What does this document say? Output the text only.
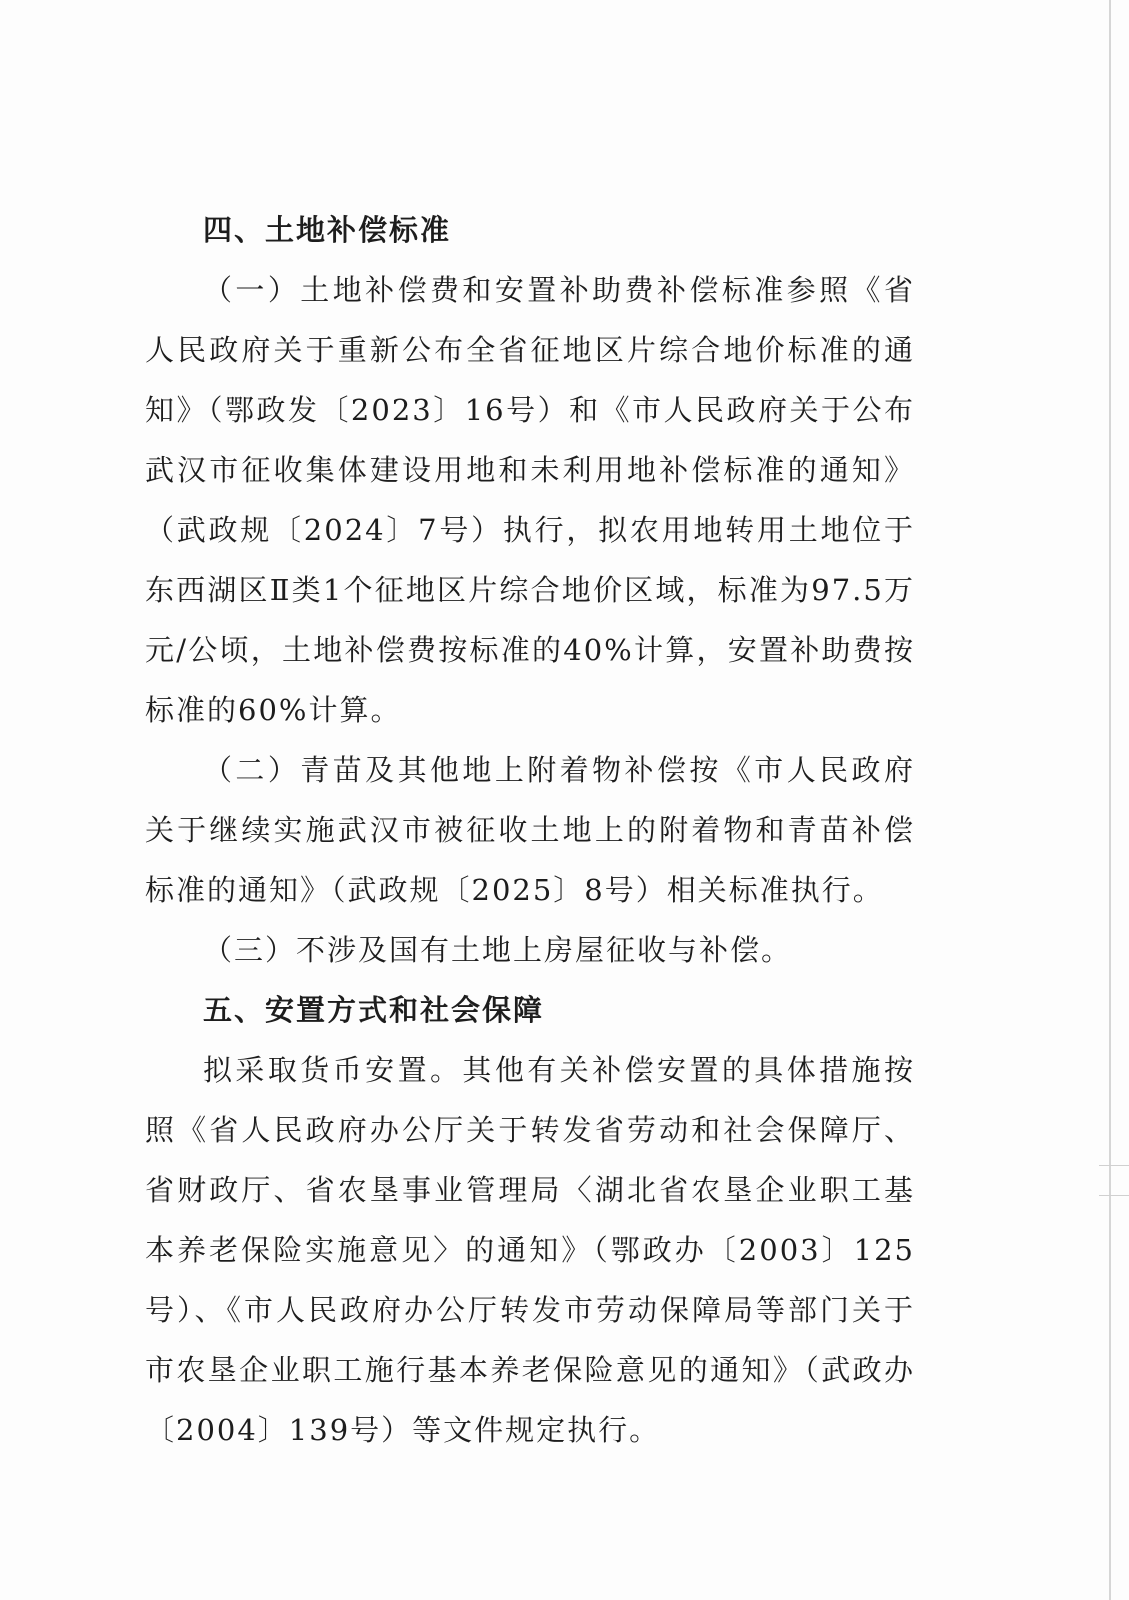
四、土地补偿标准

（一）土地补偿费和安置补助费补偿标准参照《省人民政府关于重新公布全省征地区片综合地价标准的通知》（鄂政发〔2023〕16号）和《市人民政府关于公布武汉市征收集体建设用地和未利用地补偿标准的通知》（武政规〔2024〕7号）执行，拟农用地转用土地位于东西湖区Ⅱ类1个征地区片综合地价区域，标准为97.5万元/公顷，土地补偿费按标准的40%计算，安置补助费按标准的60%计算。

（二）青苗及其他地上附着物补偿按《市人民政府关于继续实施武汉市被征收土地上的附着物和青苗补偿标准的通知》（武政规〔2025〕8号）相关标准执行。

（三）不涉及国有土地上房屋征收与补偿。

五、安置方式和社会保障

拟采取货币安置。其他有关补偿安置的具体措施按照《省人民政府办公厅关于转发省劳动和社会保障厅、省财政厅、省农垦事业管理局〈湖北省农垦企业职工基本养老保险实施意见〉的通知》（鄂政办〔2003〕125号）、《市人民政府办公厅转发市劳动保障局等部门关于市农垦企业职工施行基本养老保险意见的通知》（武政办〔2004〕139号）等文件规定执行。
